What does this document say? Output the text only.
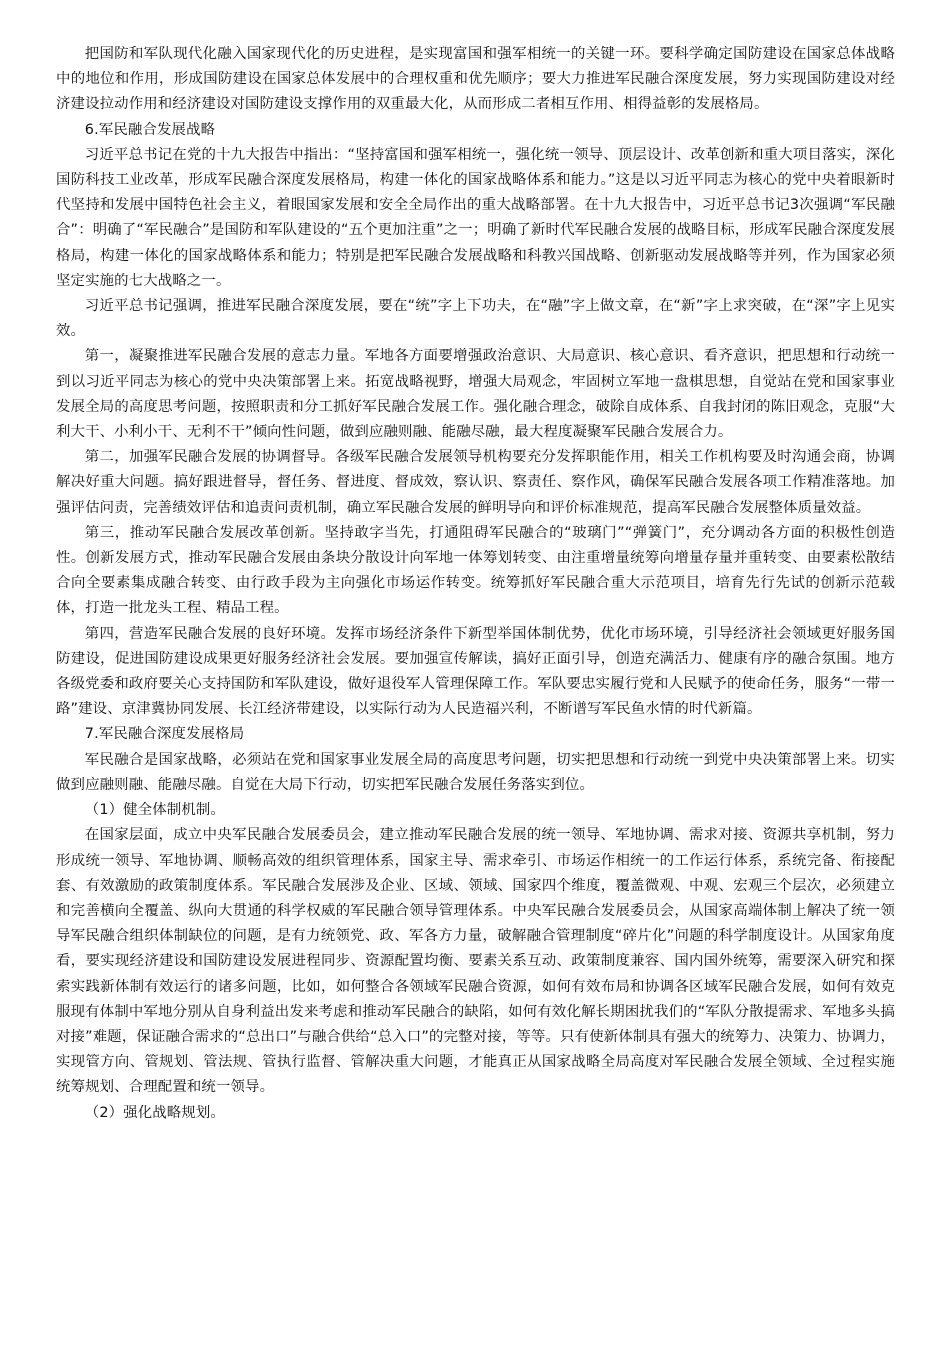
把国防和军队现代化融入国家现代化的历史进程，是实现富国和强军相统一的关键一环。要科学确定国防建设在国家总体战略中的地位和作用，形成国防建设在国家总体发展中的合理权重和优先顺序；要大力推进军民融合深度发展，努力实现国防建设对经济建设拉动作用和经济建设对国防建设支撑作用的双重最大化，从而形成二者相互作用、相得益彰的发展格局。

6.军民融合发展战略

习近平总书记在党的十九大报告中指出：“坚持富国和强军相统一，强化统一领导、顶层设计、改革创新和重大项目落实，深化国防科技工业改革，形成军民融合深度发展格局，构建一体化的国家战略体系和能力。”这是以习近平同志为核心的党中央着眼新时代坚持和发展中国特色社会主义，着眼国家发展和安全全局作出的重大战略部署。在十九大报告中，习近平总书记3次强调“军民融合”：明确了“军民融合”是国防和军队建设的“五个更加注重”之一；明确了新时代军民融合发展的战略目标，形成军民融合深度发展格局，构建一体化的国家战略体系和能力；特别是把军民融合发展战略和科教兴国战略、创新驱动发展战略等并列，作为国家必须坚定实施的七大战略之一。

习近平总书记强调，推进军民融合深度发展，要在“统”字上下功夫，在“融”字上做文章，在“新”字上求突破，在“深”字上见实效。

第一，凝聚推进军民融合发展的意志力量。军地各方面要增强政治意识、大局意识、核心意识、看齐意识，把思想和行动统一到以习近平同志为核心的党中央决策部署上来。拓宽战略视野，增强大局观念，牢固树立军地一盘棋思想，自觉站在党和国家事业发展全局的高度思考问题，按照职责和分工抓好军民融合发展工作。强化融合理念，破除自成体系、自我封闭的陈旧观念，克服“大利大干、小利小干、无利不干”倾向性问题，做到应融则融、能融尽融，最大程度凝聚军民融合发展合力。

第二，加强军民融合发展的协调督导。各级军民融合发展领导机构要充分发挥职能作用，相关工作机构要及时沟通会商，协调解决好重大问题。搞好跟进督导，督任务、督进度、督成效，察认识、察责任、察作风，确保军民融合发展各项工作精准落地。加强评估问责，完善绩效评估和追责问责机制，确立军民融合发展的鲜明导向和评价标准规范，提高军民融合发展整体质量效益。

第三，推动军民融合发展改革创新。坚持敢字当先，打通阻碍军民融合的“玻璃门”“弹簧门”，充分调动各方面的积极性创造性。创新发展方式，推动军民融合发展由条块分散设计向军地一体筹划转变、由注重增量统筹向增量存量并重转变、由要素松散结合向全要素集成融合转变、由行政手段为主向强化市场运作转变。统筹抓好军民融合重大示范项目，培育先行先试的创新示范载体，打造一批龙头工程、精品工程。

第四，营造军民融合发展的良好环境。发挥市场经济条件下新型举国体制优势，优化市场环境，引导经济社会领域更好服务国防建设，促进国防建设成果更好服务经济社会发展。要加强宣传解读，搞好正面引导，创造充满活力、健康有序的融合氛围。地方各级党委和政府要关心支持国防和军队建设，做好退役军人管理保障工作。军队要忠实履行党和人民赋予的使命任务，服务“一带一路”建设、京津冀协同发展、长江经济带建设，以实际行动为人民造福兴利，不断谱写军民鱼水情的时代新篇。

7.军民融合深度发展格局

军民融合是国家战略，必须站在党和国家事业发展全局的高度思考问题，切实把思想和行动统一到党中央决策部署上来。切实做到应融则融、能融尽融。自觉在大局下行动，切实把军民融合发展任务落实到位。

（1）健全体制机制。

在国家层面，成立中央军民融合发展委员会，建立推动军民融合发展的统一领导、军地协调、需求对接、资源共享机制，努力形成统一领导、军地协调、顺畅高效的组织管理体系，国家主导、需求牵引、市场运作相统一的工作运行体系，系统完备、衔接配套、有效激励的政策制度体系。军民融合发展涉及企业、区域、领域、国家四个维度，覆盖微观、中观、宏观三个层次，必须建立和完善横向全覆盖、纵向大贯通的科学权威的军民融合领导管理体系。中央军民融合发展委员会，从国家高端体制上解决了统一领导军民融合组织体制缺位的问题，是有力统领党、政、军各方力量，破解融合管理制度“碎片化”问题的科学制度设计。从国家角度看，要实现经济建设和国防建设发展进程同步、资源配置均衡、要素关系互动、政策制度兼容、国内国外统筹，需要深入研究和探索实践新体制有效运行的诸多问题，比如，如何整合各领域军民融合资源，如何有效布局和协调各区域军民融合发展，如何有效克服现有体制中军地分别从自身利益出发来考虑和推动军民融合的缺陷，如何有效化解长期困扰我们的“军队分散提需求、军地多头搞对接”难题，保证融合需求的“总出口”与融合供给“总入口”的完整对接，等等。只有使新体制具有强大的统筹力、决策力、协调力，实现管方向、管规划、管法规、管执行监督、管解决重大问题，才能真正从国家战略全局高度对军民融合发展全领域、全过程实施统筹规划、合理配置和统一领导。

（2）强化战略规划。
